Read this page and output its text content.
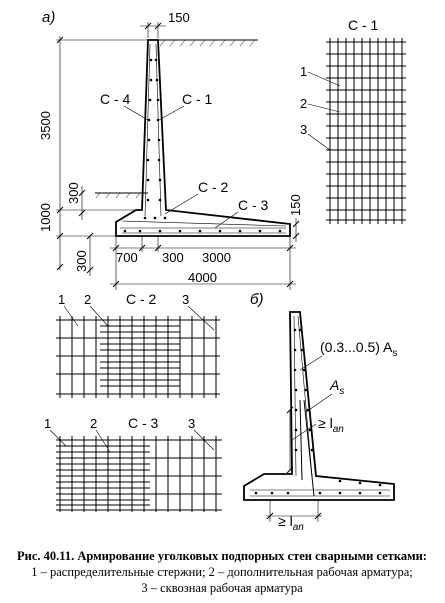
а)
С - 4	С - 1
С - 2
С - 3
150
3500
1000
300
300
150
700 300 3000
4000
С - 1
1
2
3
1 2 С - 2 3
1	2 С - 3 3
б)
(0.3...0.5) $A_s$
$A_s$
≥ $l_{an}$
≥ $l_{an}$
Рис. 40.11. Армирование уголковых подпорных стен сварными сетками:
1 – распределительные стержни; 2 – дополнительная рабочая арматура;
3 – сквозная рабочая арматура
